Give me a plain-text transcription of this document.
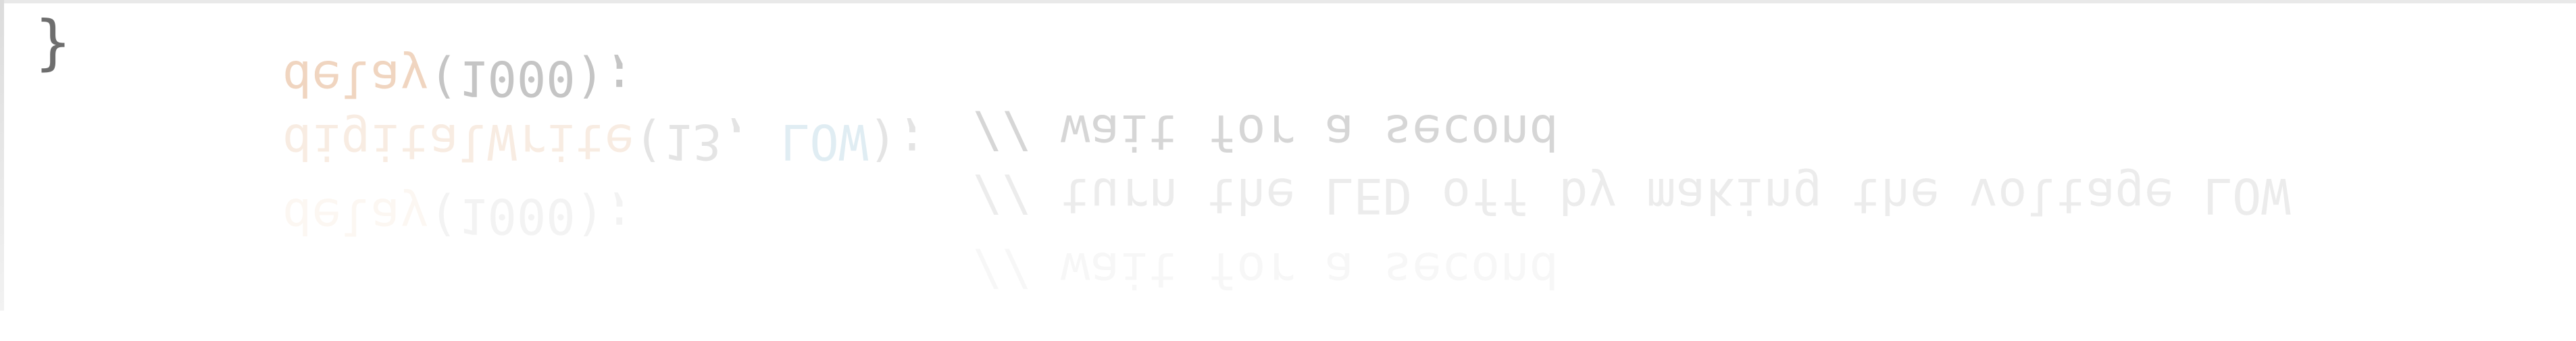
}

delay(1000);

// wait for a second

digitalWrite(13, LOW);

// turn the LED off by making the voltage LOW

delay(1000);

// wait for a second
